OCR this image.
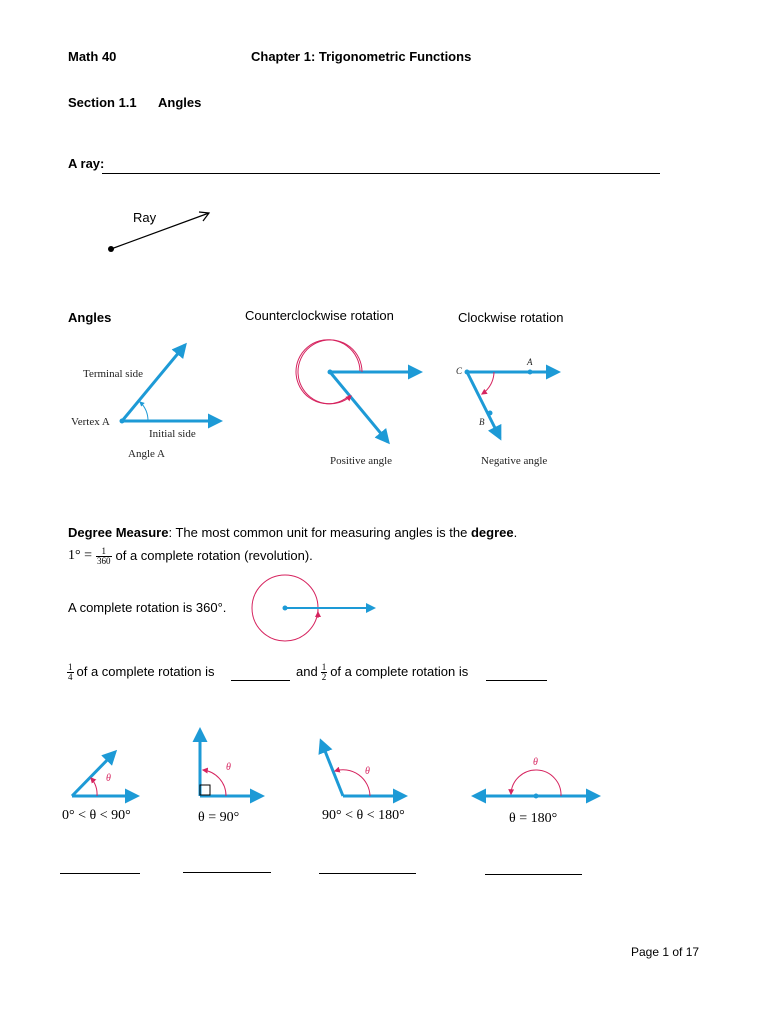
Math 40	Chapter 1: Trigonometric Functions
Section 1.1 Angles
A ray:
Ray
Angles	Counterclockwise rotation	Clockwise rotation
Terminal side
Vertex A
Initial side
Angle A
Positive angle
C
A
B
Negative angle
Degree Measure: The most common unit for measuring angles is the degree.
$1^\circ = \frac{1}{360}$ of a complete rotation (revolution).
A complete rotation is 360°.
$\frac{1}{4}$ of a complete rotation is	and $\frac{1}{2}$ of a complete rotation is
θ
θ	θ
θ
0° < θ < 90°	θ = 90°	90° < θ < 180°	θ = 180°
Page 1 of 17
